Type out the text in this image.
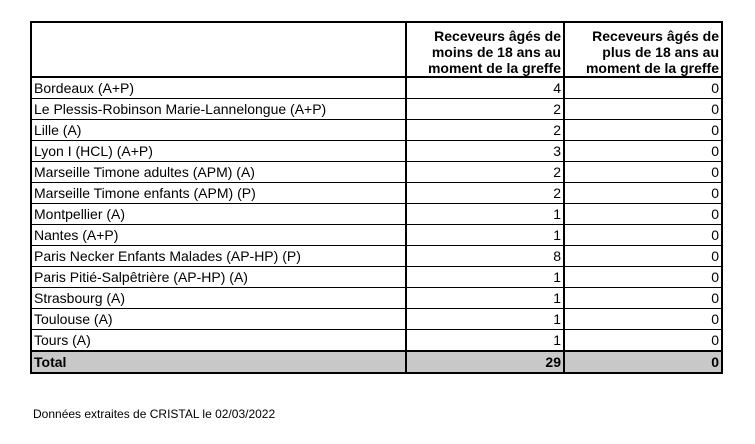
	Receveurs âgés de moins de 18 ans au moment de la greffe	Receveurs âgés de plus de 18 ans au moment de la greffe
Bordeaux (A+P)	4	0
Le Plessis-Robinson Marie-Lannelongue (A+P)	2	0
Lille (A)	2	0
Lyon I (HCL) (A+P)	3	0
Marseille Timone adultes (APM) (A)	2	0
Marseille Timone enfants (APM) (P)	2	0
Montpellier (A)	1	0
Nantes (A+P)	1	0
Paris Necker Enfants Malades (AP-HP) (P)	8	0
Paris Pitié-Salpêtrière (AP-HP) (A)	1	0
Strasbourg (A)	1	0
Toulouse (A)	1	0
Tours (A)	1	0
Total	29	0
Données extraites de CRISTAL le 02/03/2022
